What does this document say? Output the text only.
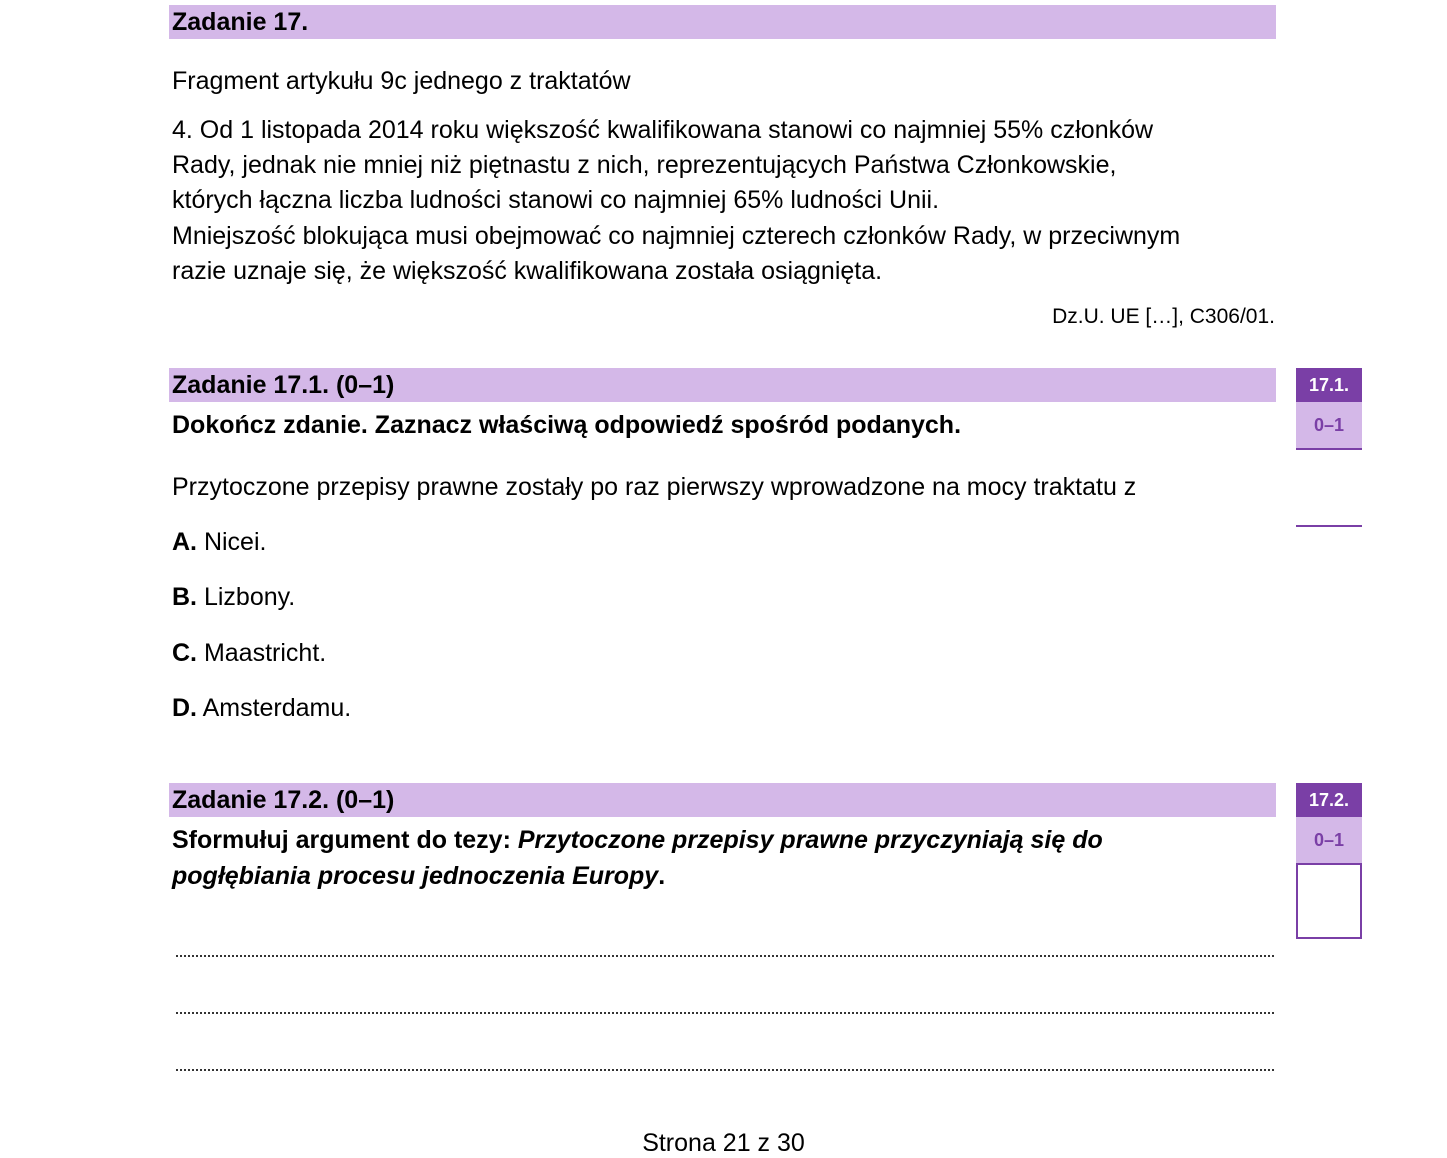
Zadanie 17.
Fragment artykułu 9c jednego z traktatów
4. Od 1 listopada 2014 roku większość kwalifikowana stanowi co najmniej 55% członków
Rady, jednak nie mniej niż piętnastu z nich, reprezentujących Państwa Członkowskie,
których łączna liczba ludności stanowi co najmniej 65% ludności Unii.
Mniejszość blokująca musi obejmować co najmniej czterech członków Rady, w przeciwnym
razie uznaje się, że większość kwalifikowana została osiągnięta.
Dz.U. UE […], C306/01.
Zadanie 17.1. (0–1)	17.1.
0–1
Dokończ zdanie. Zaznacz właściwą odpowiedź spośród podanych.
Przytoczone przepisy prawne zostały po raz pierwszy wprowadzone na mocy traktatu z
A. Nicei.
B. Lizbony.
C. Maastricht.
D. Amsterdamu.
Zadanie 17.2. (0–1)	17.2.
0–1
Sformułuj argument do tezy: Przytoczone przepisy prawne przyczyniają się do
pogłębiania procesu jednoczenia Europy.
Strona 21 z 30
